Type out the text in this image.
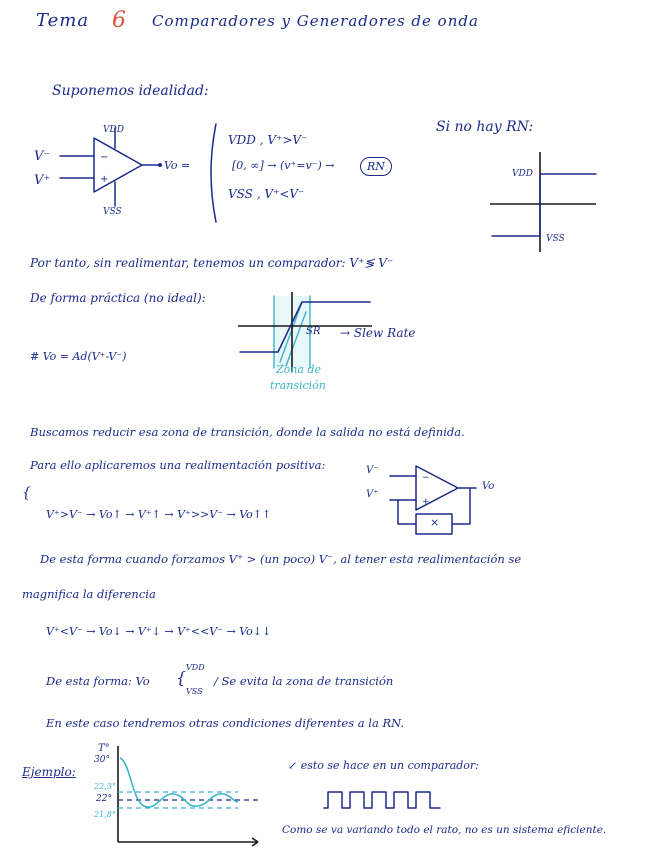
Tema 6 Comparadores y Generadores de onda
Suponemos idealidad:
−
+
VDD
VSS
V⁻
V⁺
Vo =
VDD , V⁺>V⁻
[0, ∞] → (v⁺=v⁻) →	RN
VSS , V⁺<V⁻
Si no hay RN:
VDD
VSS
Por tanto, sin realimentar, tenemos un comparador: V⁺≶ V⁻
De forma práctica (no ideal):
SR → Slew Rate
Zona de
transición
# Vo = Ad(V⁺-V⁻)
Buscamos reducir esa zona de transición, donde la salida no está definida.
Para ello aplicaremos una realimentación positiva:
−
+
V⁻
V⁺
Vo
×
{
V⁺>V⁻ → Vo↑ → V⁺↑ → V⁺>>V⁻ → Vo↑↑
De esta forma cuando forzamos V⁺ > (un poco) V⁻, al tener esta realimentación se
magnifica la diferencia
V⁺<V⁻ → Vo↓ → V⁺↓ → V⁺<<V⁻ → Vo↓↓
De esta forma: Vo {
VDD
VSS
/ Se evita la zona de transición
En este caso tendremos otras condiciones diferentes a la RN.
Ejemplo:
T°
30°
22,3°
22°
21,8°
↙ esto se hace en un comparador:
Como se va variando todo el rato, no es un sistema eficiente.
